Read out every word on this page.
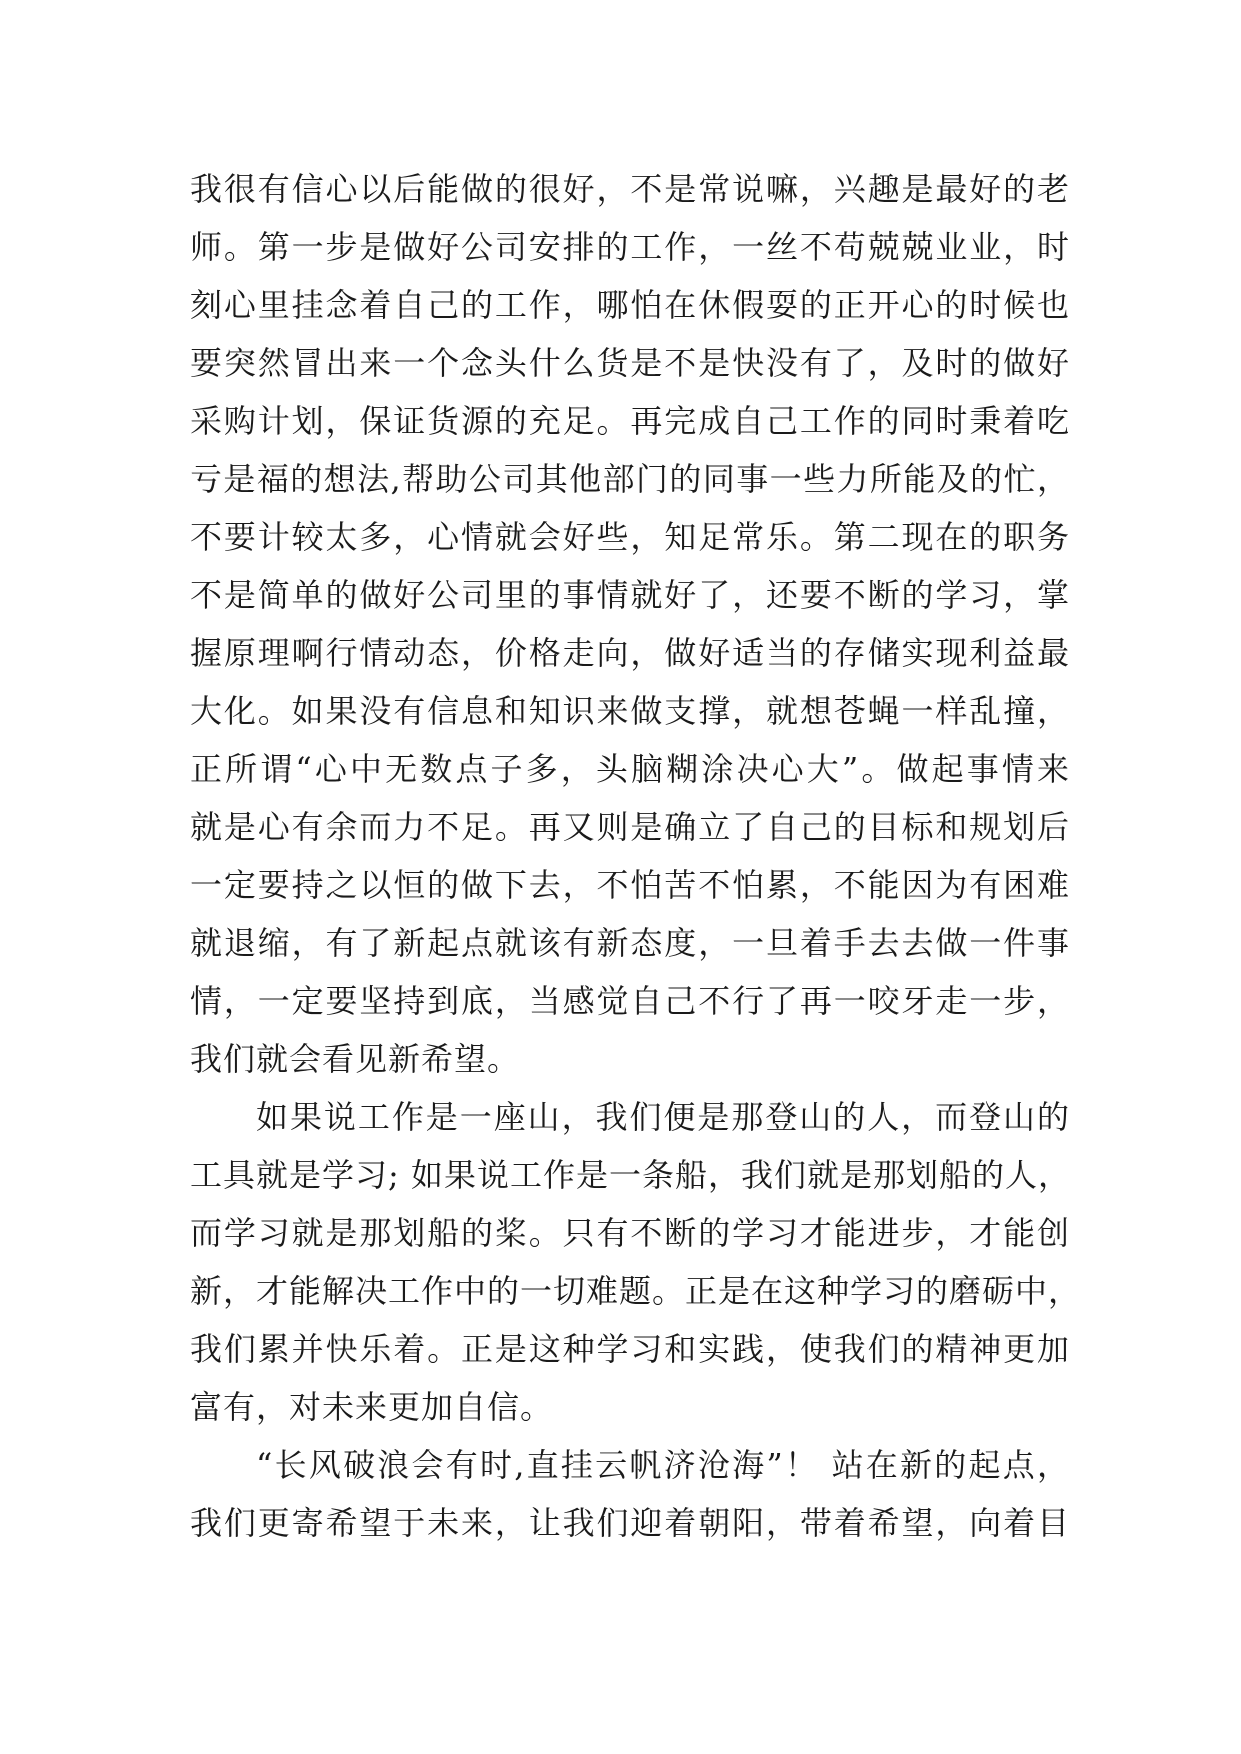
我很有信心以后能做的很好，不是常说嘛，兴趣是最好的老
师。第一步是做好公司安排的工作，一丝不苟兢兢业业，时
刻心里挂念着自己的工作，哪怕在休假耍的正开心的时候也
要突然冒出来一个念头什么货是不是快没有了，及时的做好
采购计划，保证货源的充足。再完成自己工作的同时秉着吃
亏是福的想法,帮助公司其他部门的同事一些力所能及的忙，
不要计较太多，心情就会好些，知足常乐。第二现在的职务
不是简单的做好公司里的事情就好了，还要不断的学习，掌
握原理啊行情动态，价格走向，做好适当的存储实现利益最
大化。如果没有信息和知识来做支撑，就想苍蝇一样乱撞，
正所谓“心中无数点子多，头脑糊涂决心大”。做起事情来
就是心有余而力不足。再又则是确立了自己的目标和规划后
一定要持之以恒的做下去，不怕苦不怕累，不能因为有困难
就退缩，有了新起点就该有新态度，一旦着手去去做一件事
情，一定要坚持到底，当感觉自己不行了再一咬牙走一步，
我们就会看见新希望。
如果说工作是一座山，我们便是那登山的人，而登山的
工具就是学习; 如果说工作是一条船，我们就是那划船的人，
而学习就是那划船的桨。只有不断的学习才能进步，才能创
新，才能解决工作中的一切难题。正是在这种学习的磨砺中，
我们累并快乐着。正是这种学习和实践，使我们的精神更加
富有，对未来更加自信。
“长风破浪会有时,直挂云帆济沧海”！ 站在新的起点，
我们更寄希望于未来，让我们迎着朝阳，带着希望，向着目
